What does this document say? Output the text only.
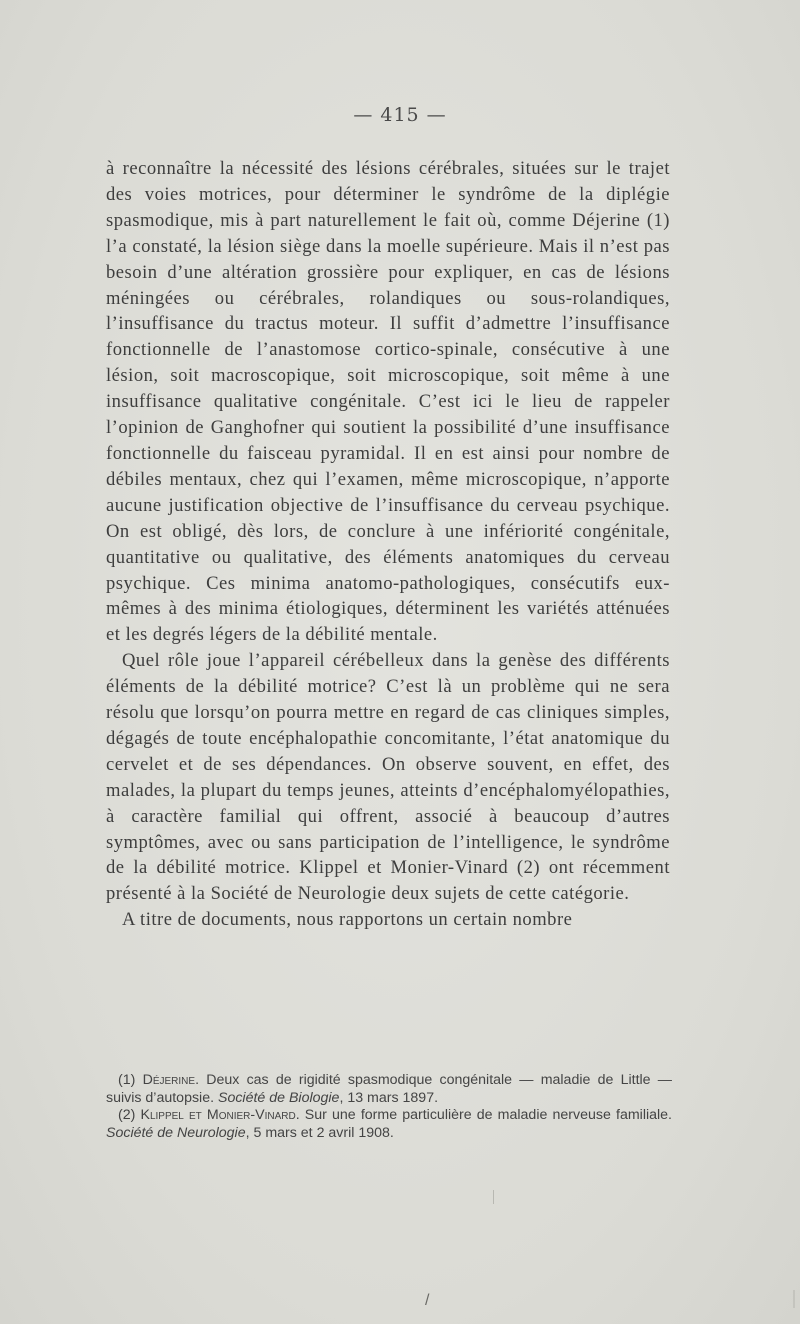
— 415 —

à reconnaître la nécessité des lésions cérébrales, situées sur le trajet des voies motrices, pour déterminer le syndrôme de la diplégie spasmodique, mis à part naturellement le fait où, comme Déjerine (1) l’a constaté, la lésion siège dans la moelle supérieure. Mais il n’est pas besoin d’une altération grossière pour expliquer, en cas de lésions méningées ou cérébrales, rolandiques ou sous-rolandiques, l’insuffisance du tractus moteur. Il suffit d’admettre l’insuffisance fonctionnelle de l’anastomose cortico-spinale, consécutive à une lésion, soit macroscopique, soit microscopique, soit même à une insuffisance qualitative congénitale. C’est ici le lieu de rappeler l’opinion de Ganghofner qui soutient la possibilité d’une insuffisance fonctionnelle du faisceau pyramidal. Il en est ainsi pour nombre de débiles mentaux, chez qui l’examen, même microscopique, n’apporte aucune justification objective de l’insuffisance du cerveau psychique. On est obligé, dès lors, de conclure à une infériorité congénitale, quantitative ou qualitative, des éléments anatomiques du cerveau psychique. Ces minima anatomo-pathologiques, consécutifs eux-mêmes à des minima étiologiques, déterminent les variétés atténuées et les degrés légers de la débilité mentale.

Quel rôle joue l’appareil cérébelleux dans la genèse des différents éléments de la débilité motrice? C’est là un problème qui ne sera résolu que lorsqu’on pourra mettre en regard de cas cliniques simples, dégagés de toute encéphalopathie concomitante, l’état anatomique du cervelet et de ses dépendances. On observe souvent, en effet, des malades, la plupart du temps jeunes, atteints d’encéphalomyélopathies, à caractère familial qui offrent, associé à beaucoup d’autres symptômes, avec ou sans participation de l’intelligence, le syndrôme de la débilité motrice. Klippel et Monier-Vinard (2) ont récemment présenté à la Société de Neurologie deux sujets de cette catégorie.

A titre de documents, nous rapportons un certain nombre

(1) Déjerine. Deux cas de rigidité spasmodique congénitale — maladie de Little — suivis d’autopsie. Société de Biologie, 13 mars 1897.

(2) Klippel et Monier-Vinard. Sur une forme particulière de maladie nerveuse familiale. Société de Neurologie, 5 mars et 2 avril 1908.

/
